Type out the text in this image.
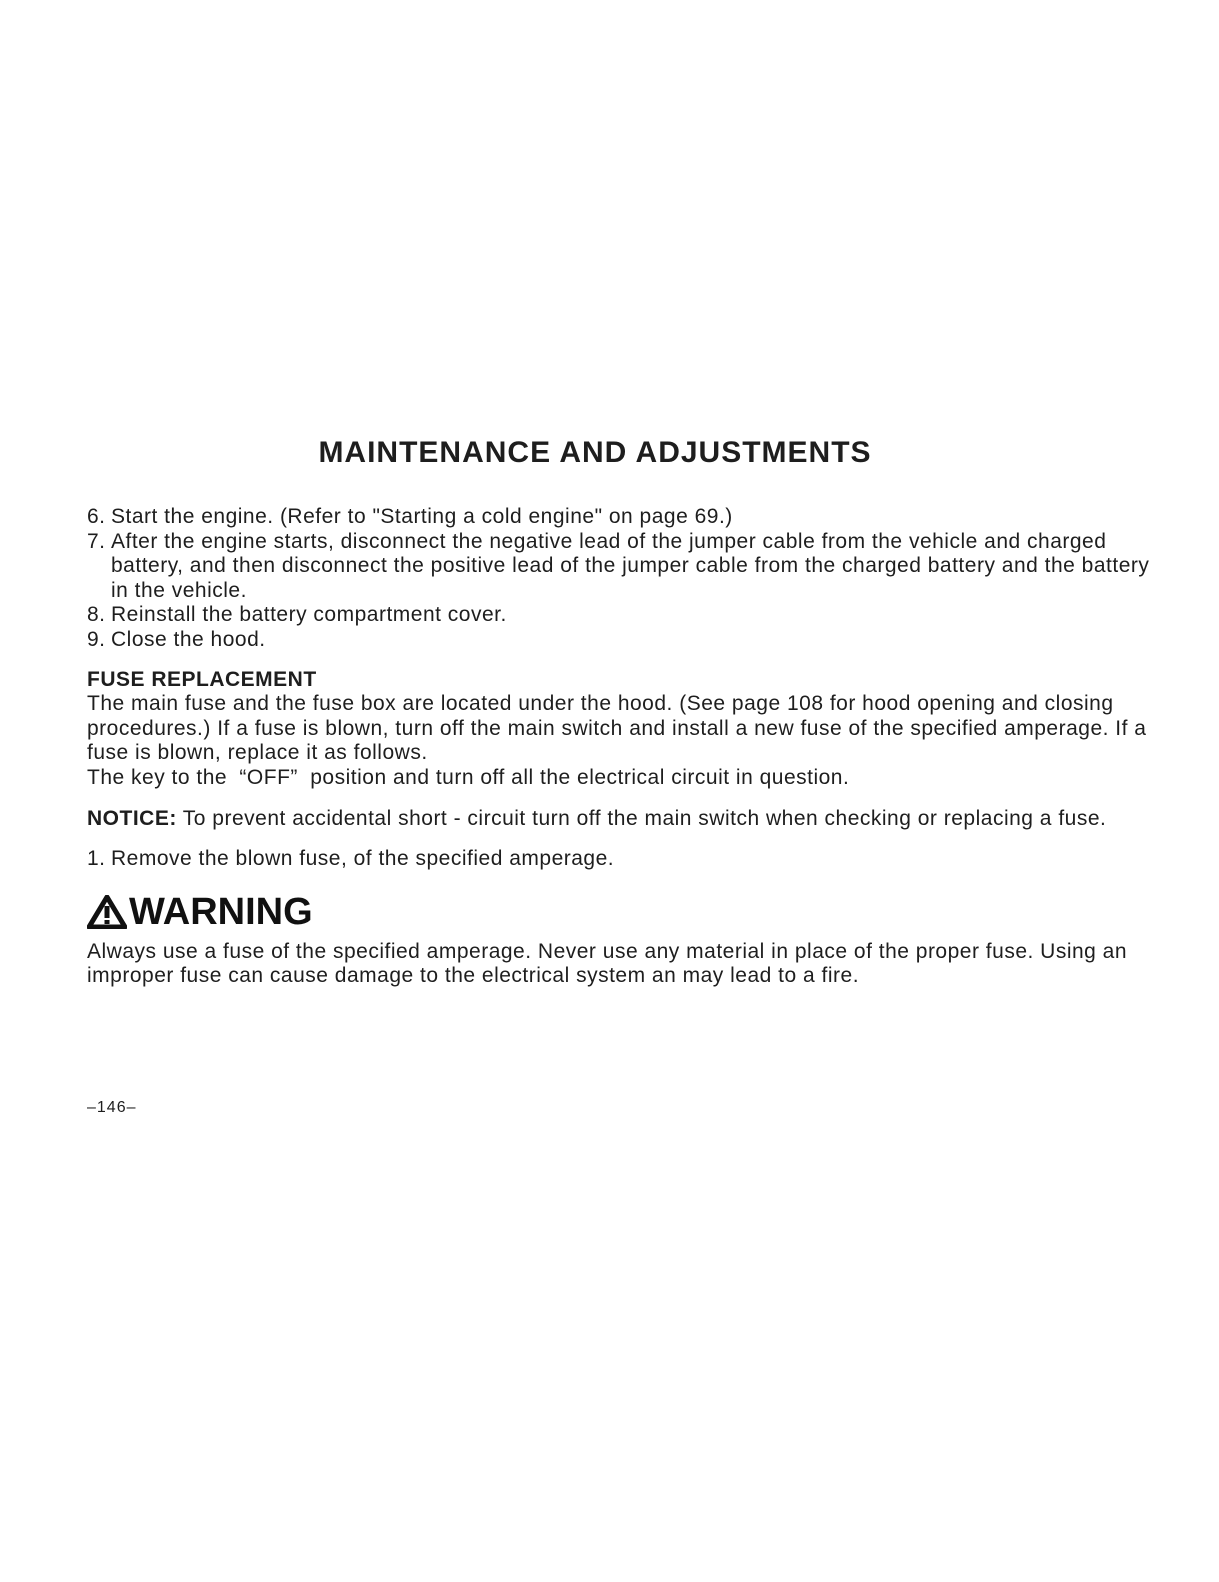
MAINTENANCE AND ADJUSTMENTS
6. Start the engine. (Refer to "Starting a cold engine" on page 69.)
7. After the engine starts, disconnect the negative lead of the jumper cable from the vehicle and charged battery, and then disconnect the positive lead of the jumper cable from the charged battery and the battery in the vehicle.
8. Reinstall the battery compartment cover.
9. Close the hood.
FUSE REPLACEMENT
The main fuse and the fuse box are located under the hood. (See page 108 for hood opening and closing procedures.) If a fuse is blown, turn off the main switch and install a new fuse of the specified amperage. If a fuse is blown, replace it as follows.
The key to the “OFF” position and turn off all the electrical circuit in question.
NOTICE: To prevent accidental short - circuit turn off the main switch when checking or replacing a fuse.
1. Remove the blown fuse, of the specified amperage.
WARNING
Always use a fuse of the specified amperage. Never use any material in place of the proper fuse. Using an improper fuse can cause damage to the electrical system an may lead to a fire.
–146–
